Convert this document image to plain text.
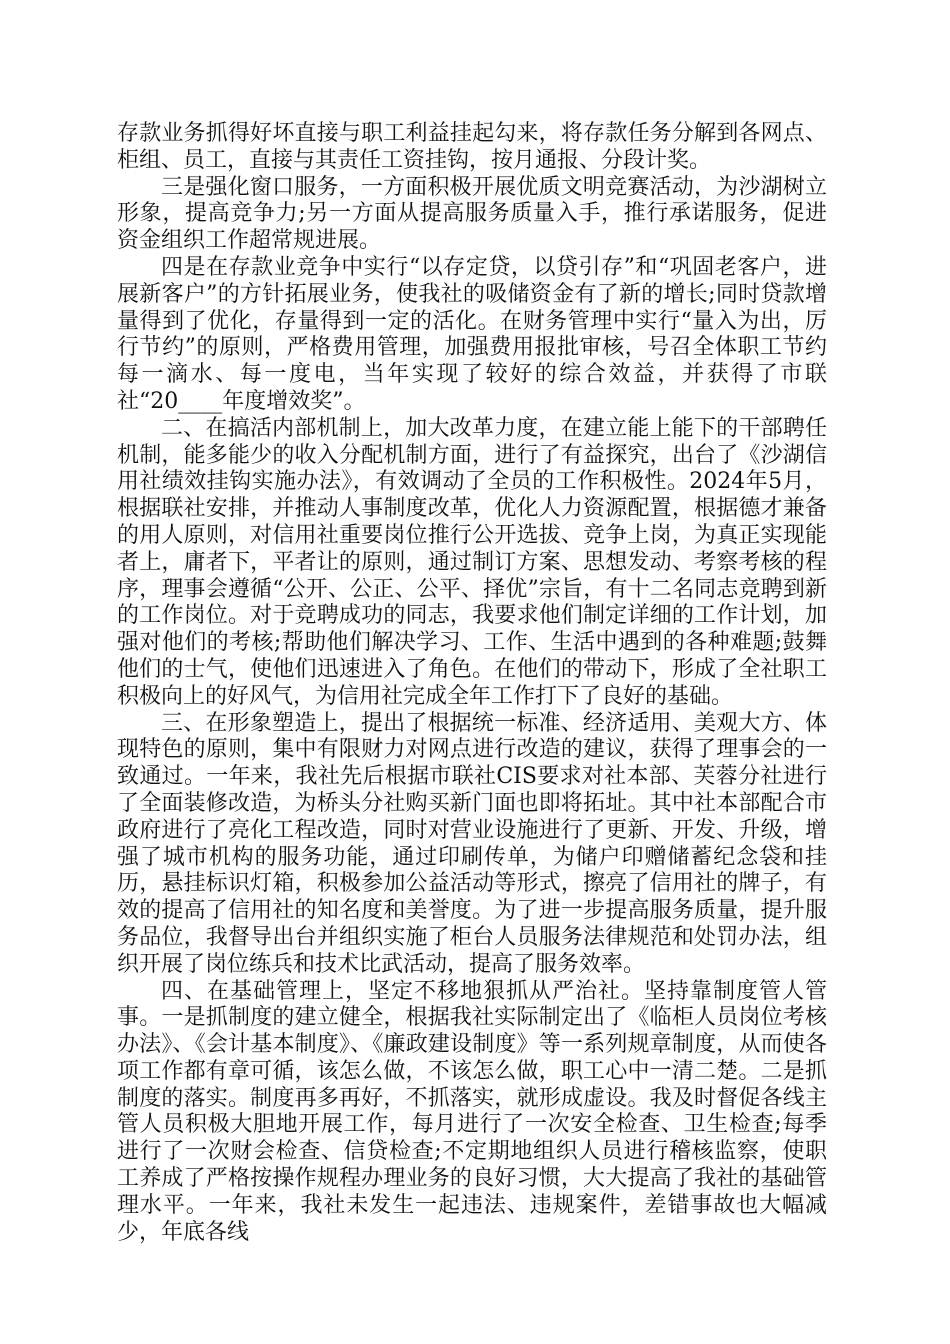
存款业务抓得好坏直接与职工利益挂起勾来，将存款任务分解到各网点、柜组、员工，直接与其责任工资挂钩，按月通报、分段计奖。

三是强化窗口服务，一方面积极开展优质文明竞赛活动，为沙湖树立形象，提高竞争力;另一方面从提高服务质量入手，推行承诺服务，促进资金组织工作超常规进展。

四是在存款业竞争中实行“以存定贷，以贷引存”和“巩固老客户，进展新客户”的方针拓展业务，使我社的吸储资金有了新的增长;同时贷款增量得到了优化，存量得到一定的活化。在财务管理中实行“量入为出，厉行节约”的原则，严格费用管理，加强费用报批审核，号召全体职工节约每一滴水、每一度电，当年实现了较好的综合效益，并获得了市联社“20____年度增效奖”。

二、在搞活内部机制上，加大改革力度，在建立能上能下的干部聘任机制，能多能少的收入分配机制方面，进行了有益探究，出台了《沙湖信用社绩效挂钩实施办法》，有效调动了全员的工作积极性。2024年5月，根据联社安排，并推动人事制度改革，优化人力资源配置，根据德才兼备的用人原则，对信用社重要岗位推行公开选拔、竞争上岗，为真正实现能者上，庸者下，平者让的原则，通过制订方案、思想发动、考察考核的程序，理事会遵循“公开、公正、公平、择优”宗旨，有十二名同志竞聘到新的工作岗位。对于竞聘成功的同志，我要求他们制定详细的工作计划，加强对他们的考核;帮助他们解决学习、工作、生活中遇到的各种难题;鼓舞他们的士气，使他们迅速进入了角色。在他们的带动下，形成了全社职工积极向上的好风气，为信用社完成全年工作打下了良好的基础。

三、在形象塑造上，提出了根据统一标准、经济适用、美观大方、体现特色的原则，集中有限财力对网点进行改造的建议，获得了理事会的一致通过。一年来，我社先后根据市联社CIS要求对社本部、芙蓉分社进行了全面装修改造，为桥头分社购买新门面也即将拓址。其中社本部配合市政府进行了亮化工程改造，同时对营业设施进行了更新、开发、升级，增强了城市机构的服务功能，通过印刷传单，为储户印赠储蓄纪念袋和挂历，悬挂标识灯箱，积极参加公益活动等形式，擦亮了信用社的牌子，有效的提高了信用社的知名度和美誉度。为了进一步提高服务质量，提升服务品位，我督导出台并组织实施了柜台人员服务法律规范和处罚办法，组织开展了岗位练兵和技术比武活动，提高了服务效率。

四、在基础管理上，坚定不移地狠抓从严治社。坚持靠制度管人管事。一是抓制度的建立健全，根据我社实际制定出了《临柜人员岗位考核办法》、《会计基本制度》、《廉政建设制度》等一系列规章制度，从而使各项工作都有章可循，该怎么做，不该怎么做，职工心中一清二楚。二是抓制度的落实。制度再多再好，不抓落实，就形成虚设。我及时督促各线主管人员积极大胆地开展工作，每月进行了一次安全检查、卫生检查;每季进行了一次财会检查、信贷检查;不定期地组织人员进行稽核监察，使职工养成了严格按操作规程办理业务的良好习惯，大大提高了我社的基础管理水平。一年来，我社未发生一起违法、违规案件，差错事故也大幅减少，年底各线
